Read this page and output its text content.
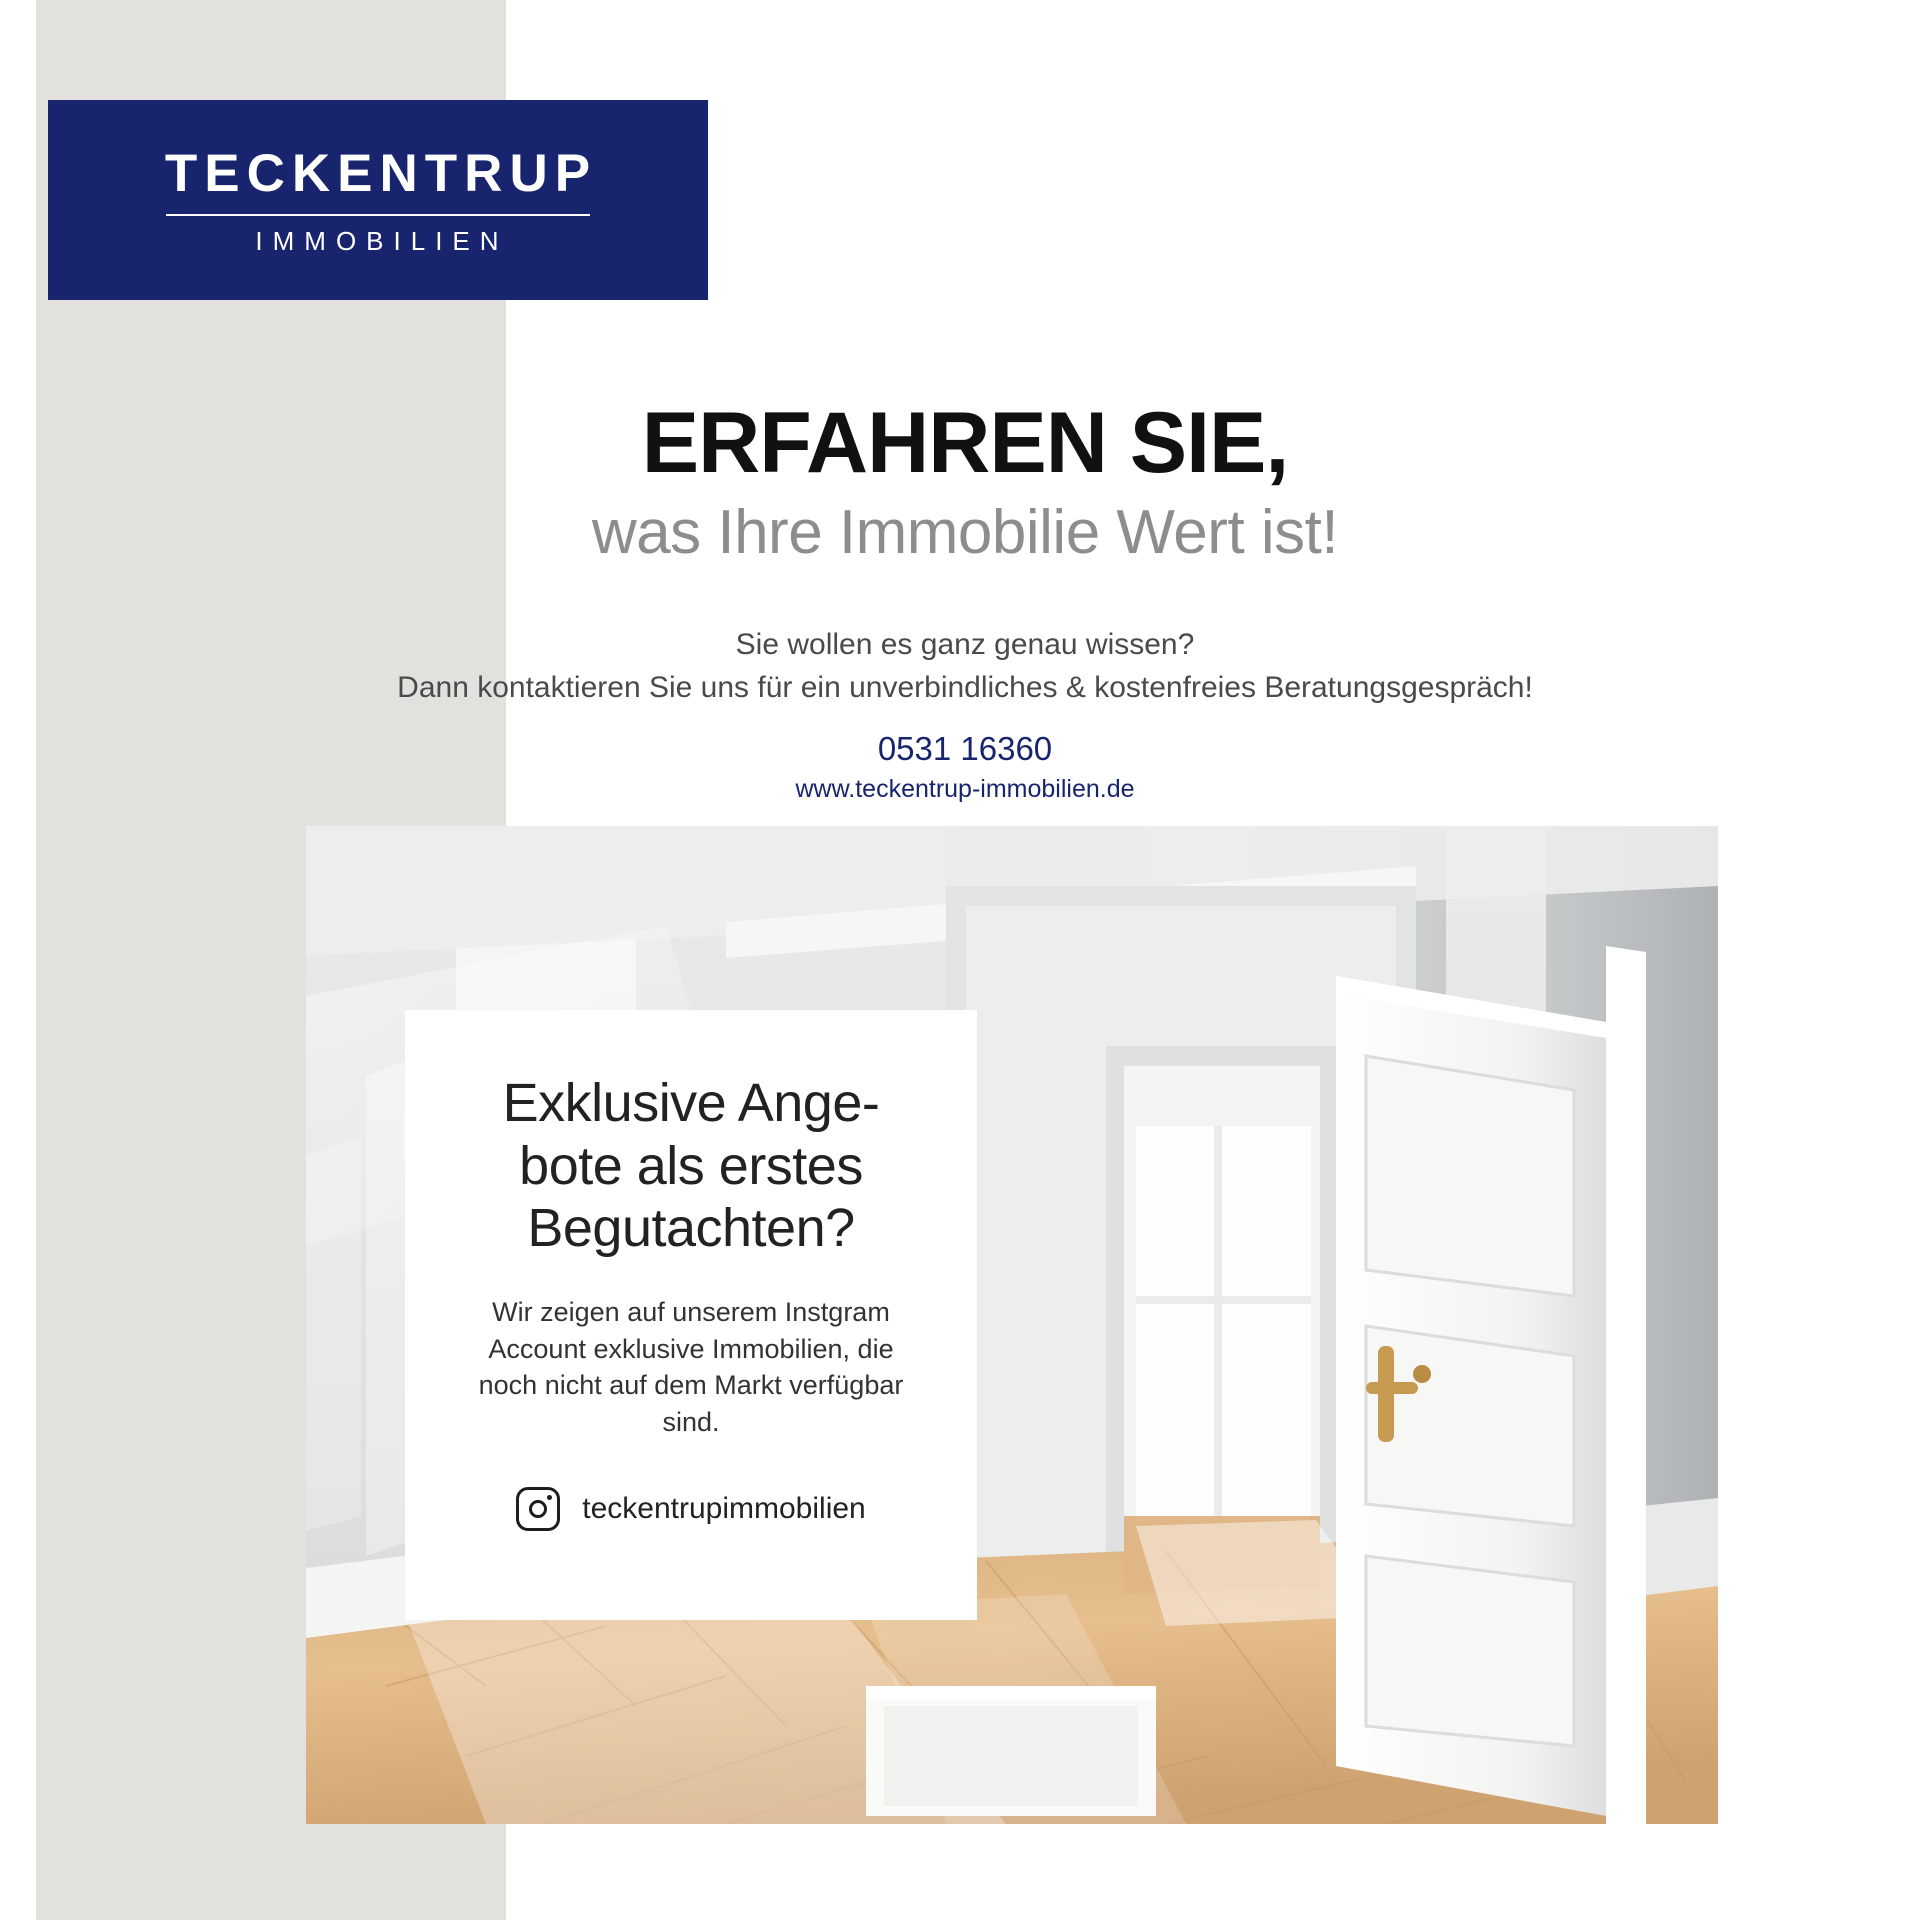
TECKENTRUP
IMMOBILIEN
ERFAHREN SIE,
was Ihre Immobilie Wert ist!
Sie wollen es ganz genau wissen?
Dann kontaktieren Sie uns für ein unverbindliches & kostenfreies Beratungsgespräch!
0531 16360
www.teckentrup-immobilien.de
Exklusive Ange- bote als erstes Begutachten?
Wir zeigen auf unserem Instgram Account exklusive Immobilien, die noch nicht auf dem Markt verfügbar sind.
teckentrupimmobilien
